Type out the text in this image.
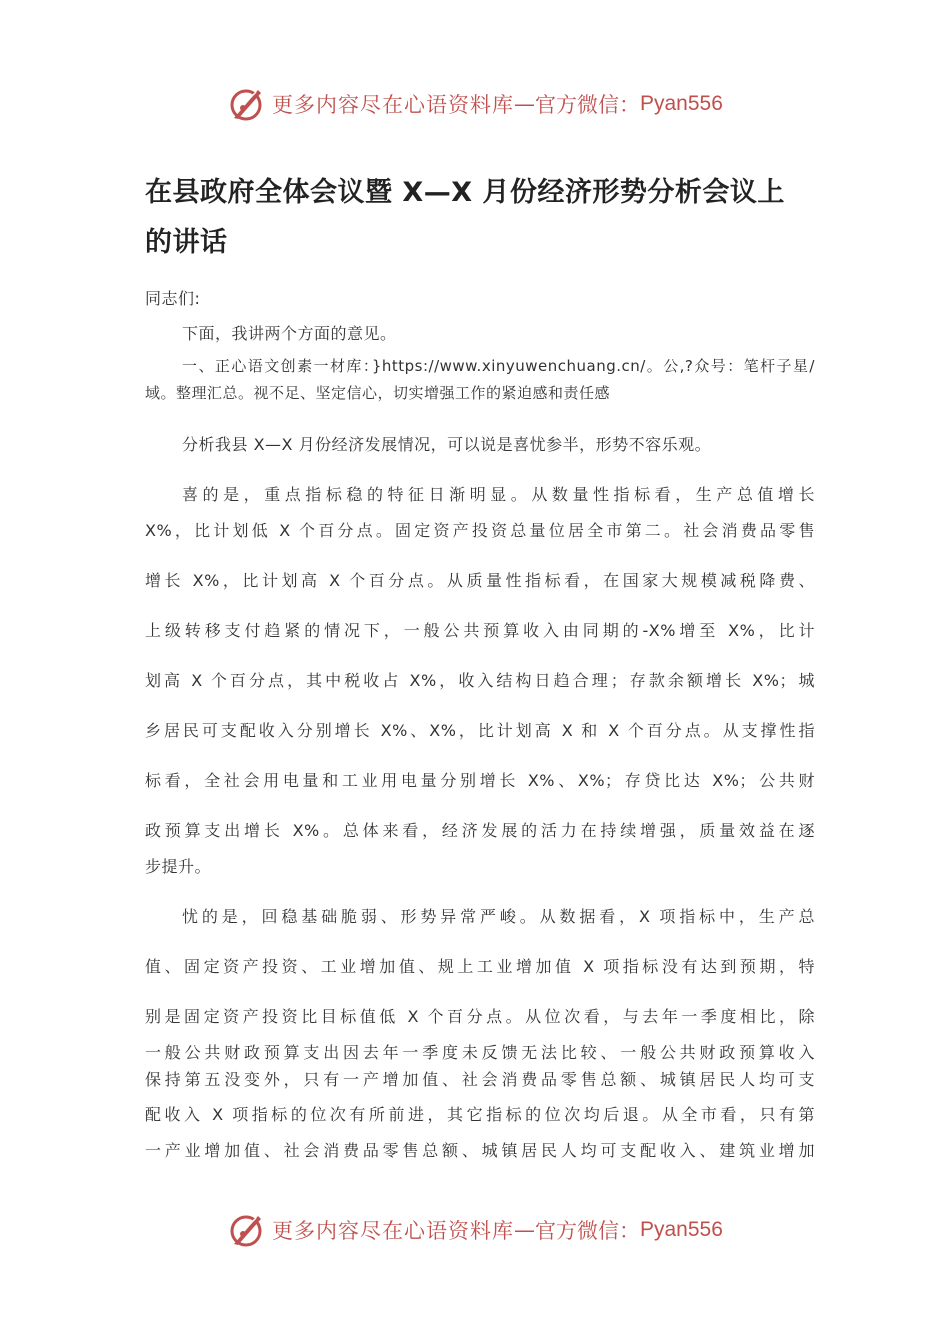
更多内容尽在心语资料库 — 官方微信： Pyan556
在县政府全体会议暨 X—X 月份经济形势分析会议上
的讲话
同志们:
下面，我讲两个方面的意见。
一、正心语文创素一材库：}https://www.xinyuwenchuang.cn/。公,?众号：笔杆子星/
域。整理汇总。视不足、坚定信心，切实增强工作的紧迫感和责任感
分析我县 X—X 月份经济发展情况，可以说是喜忧参半，形势不容乐观。
喜的是，重点指标稳的特征日渐明显。从数量性指标看，生产总值增长
X%，比计划低 X 个百分点。固定资产投资总量位居全市第二。社会消费品零售
增长 X%，比计划高 X 个百分点。从质量性指标看，在国家大规模减税降费、
上级转移支付趋紧的情况下，一般公共预算收入由同期的-X%增至 X%，比计
划高 X 个百分点，其中税收占 X%，收入结构日趋合理；存款余额增长 X%；城
乡居民可支配收入分别增长 X%、X%，比计划高 X 和 X 个百分点。从支撑性指
标看，全社会用电量和工业用电量分别增长 X%、X%；存贷比达 X%；公共财
政预算支出增长 X%。总体来看，经济发展的活力在持续增强，质量效益在逐
步提升。
忧的是，回稳基础脆弱、形势异常严峻。从数据看，X 项指标中，生产总
值、固定资产投资、工业增加值、规上工业增加值 X 项指标没有达到预期，特
别是固定资产投资比目标值低 X 个百分点。从位次看，与去年一季度相比，除
一般公共财政预算支出因去年一季度未反馈无法比较、一般公共财政预算收入
保持第五没变外，只有一产增加值、社会消费品零售总额、城镇居民人均可支
配收入 X 项指标的位次有所前进，其它指标的位次均后退。从全市看，只有第
一产业增加值、社会消费品零售总额、城镇居民人均可支配收入、建筑业增加
更多内容尽在心语资料库 — 官方微信： Pyan556
